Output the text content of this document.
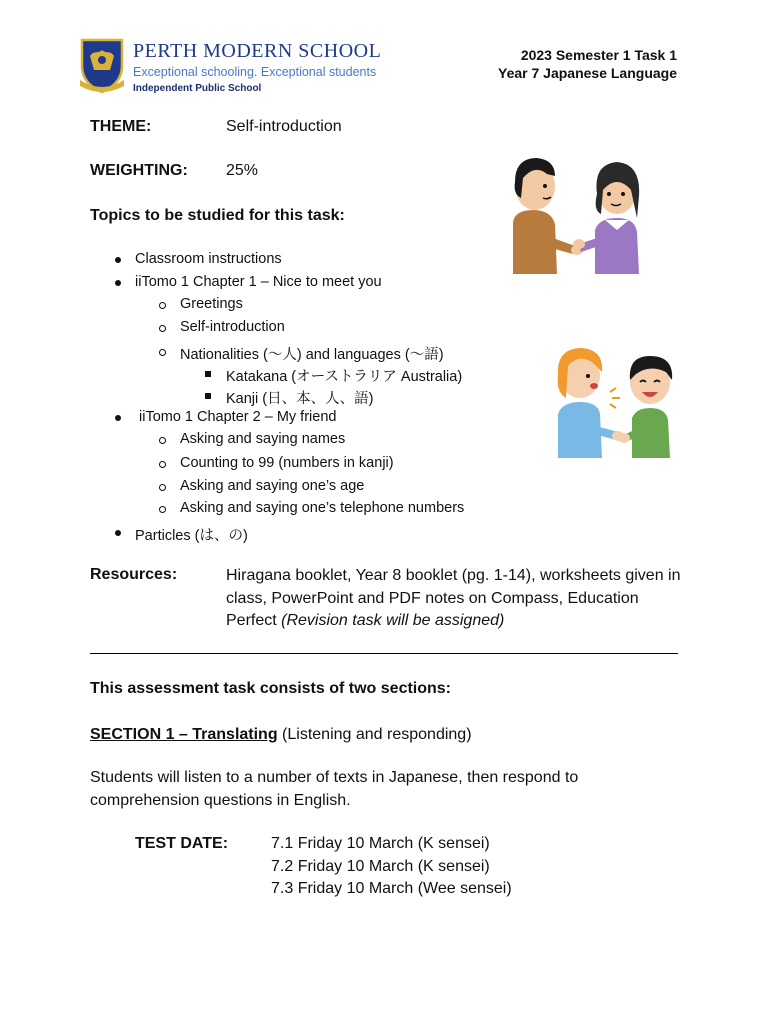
PERTH MODERN SCHOOL
Exceptional schooling. Exceptional students
Independent Public School
2023 Semester 1 Task 1
Year 7 Japanese Language
THEME:	Self-introduction
WEIGHTING: 25%
Topics to be studied for this task:
Classroom instructions
iiTomo 1 Chapter 1 – Nice to meet you
Greetings
Self-introduction
Nationalities (〜人) and languages (〜語)
Katakana (オーストラリア Australia)
Kanji (日、本、人、語)
iiTomo 1 Chapter 2 – My friend
Asking and saying names
Counting to 99 (numbers in kanji)
Asking and saying one’s age
Asking and saying one’s telephone numbers
Particles (は、の)
Resources:	Hiragana booklet, Year 8 booklet (pg. 1-14), worksheets given in class, PowerPoint and PDF notes on Compass, Education Perfect (Revision task will be assigned)
This assessment task consists of two sections:
SECTION 1 – Translating (Listening and responding)
Students will listen to a number of texts in Japanese, then respond to comprehension questions in English.
TEST DATE:	7.1 Friday 10 March (K sensei)
7.2 Friday 10 March (K sensei)
7.3 Friday 10 March (Wee sensei)
